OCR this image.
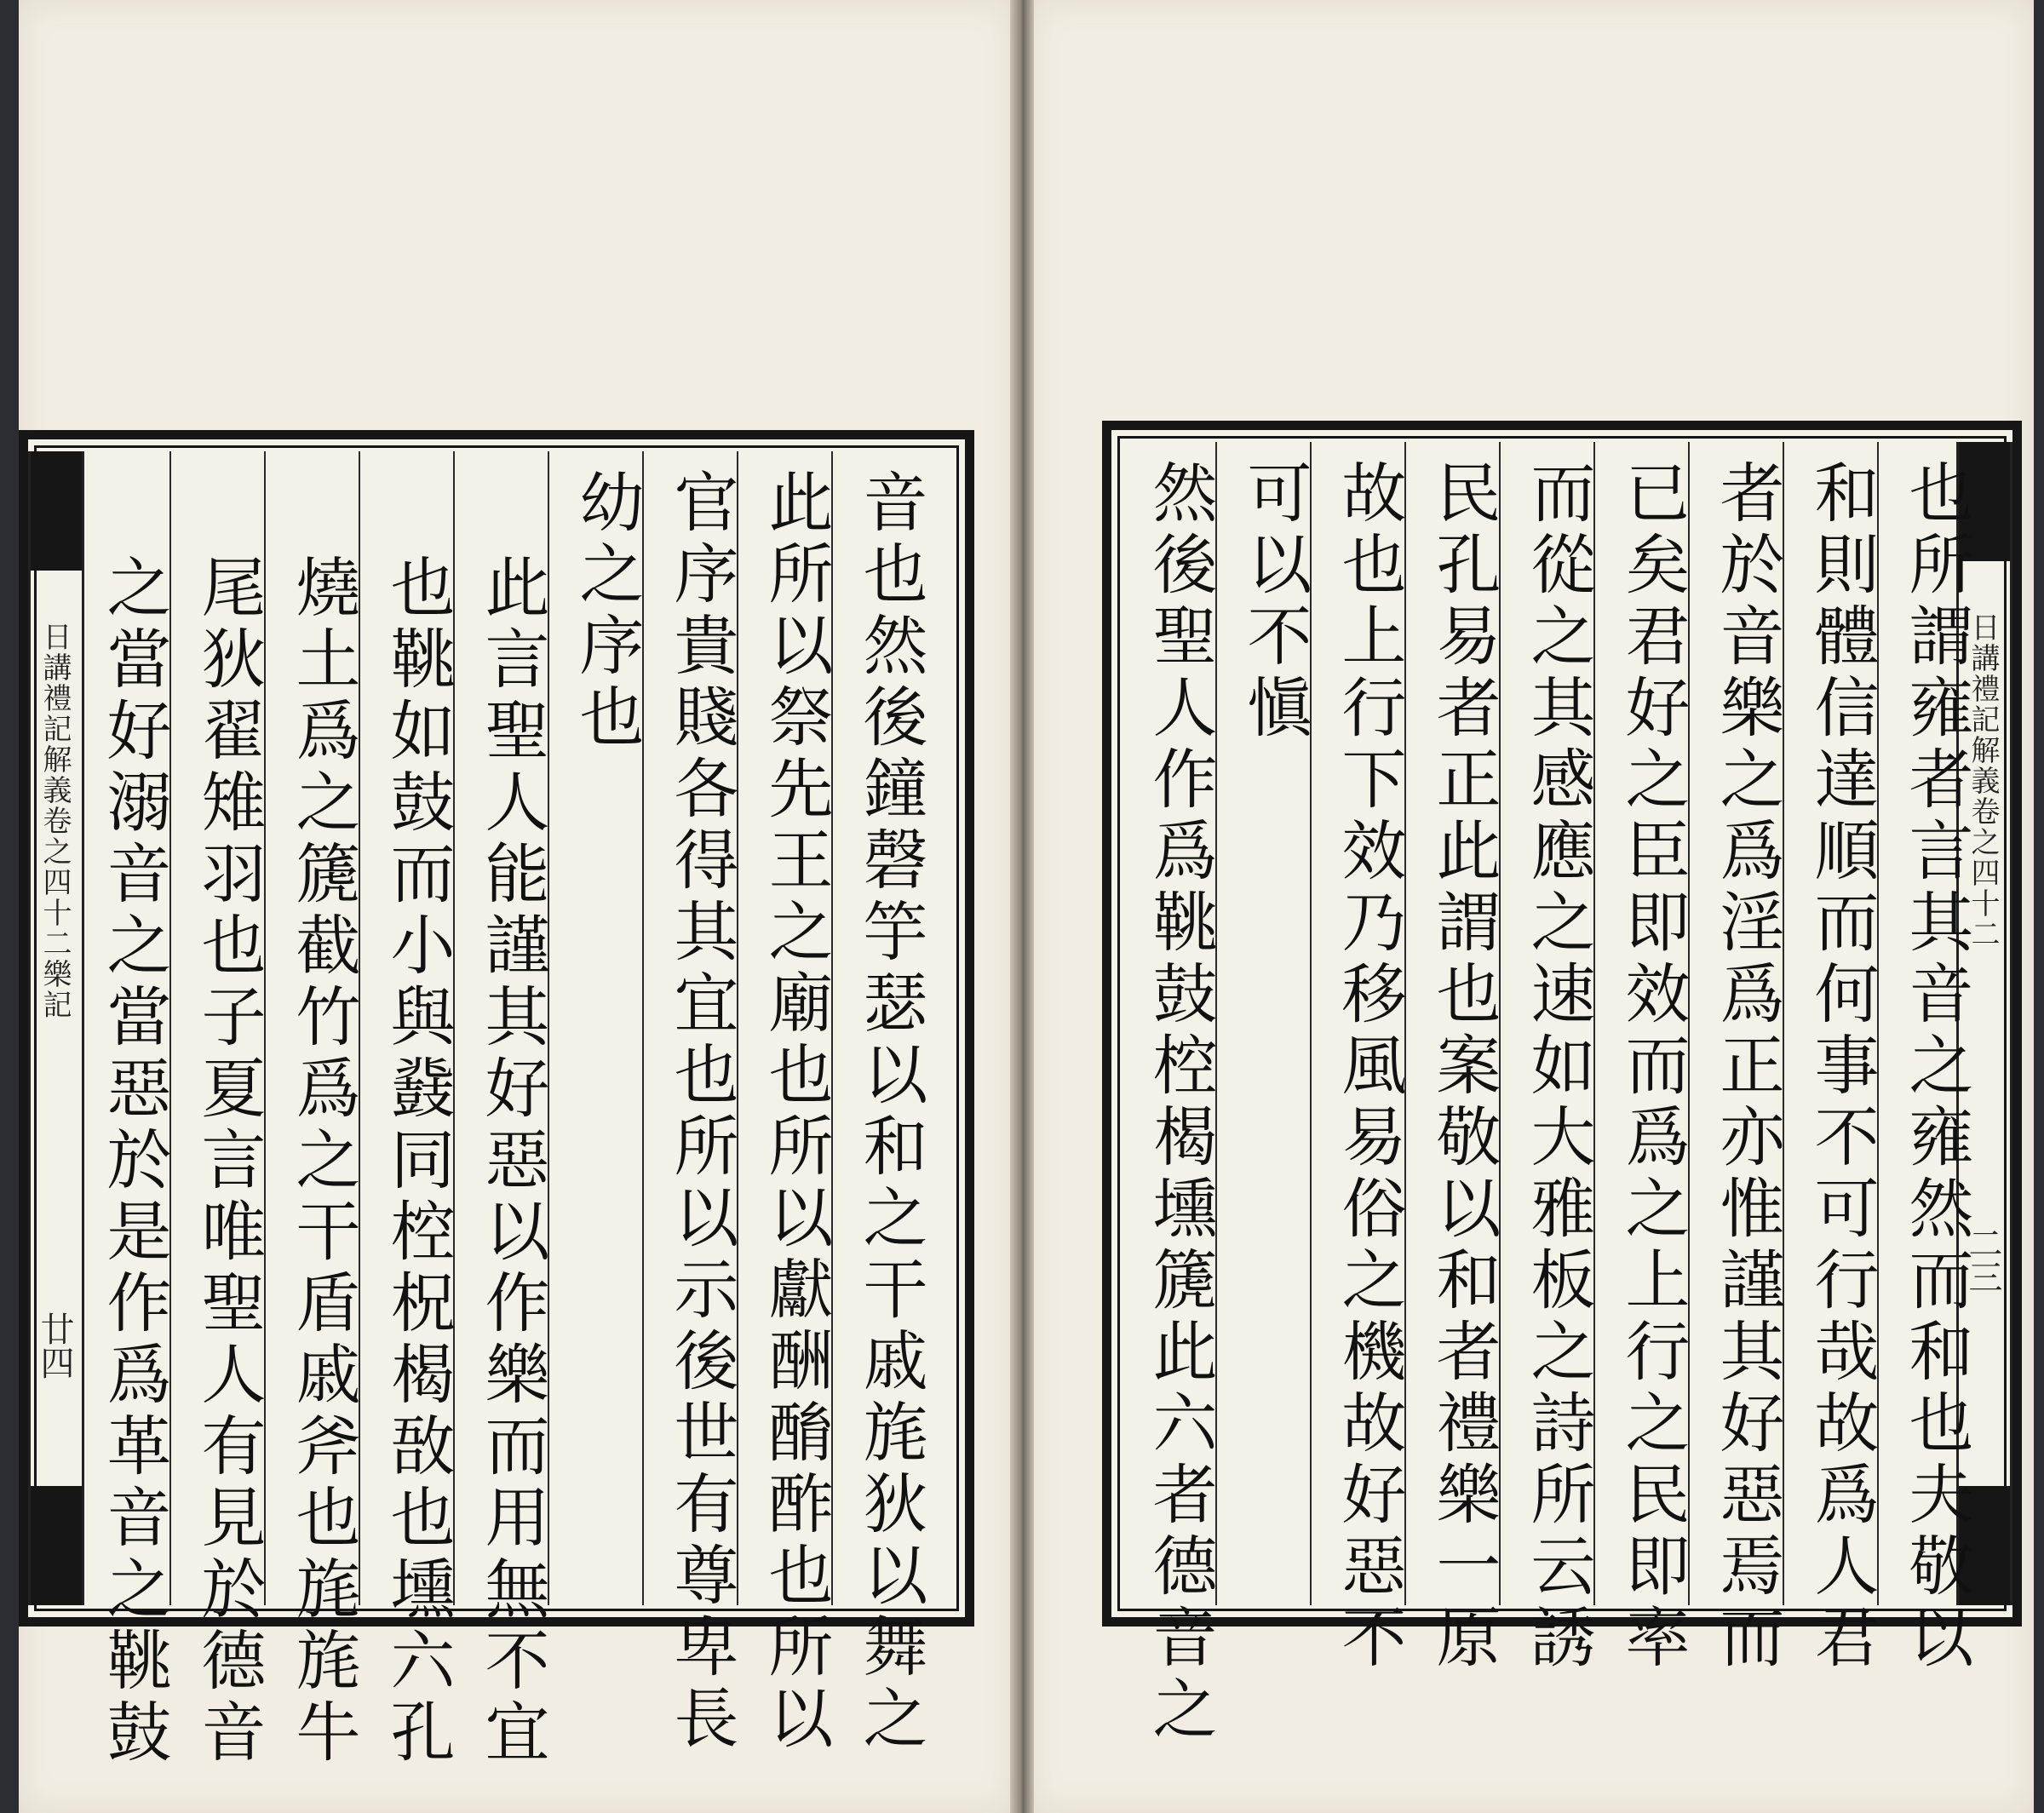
日講禮記解義卷之四十二樂記
廿四	音也然後鐘磬竽瑟以和之干戚旄狄以舞之
此所以祭先王之廟也所以獻酬酳酢也所以
官序貴賤各得其宜也所以示後世有尊卑長
幼之序也
此言聖人能謹其好惡以作樂而用無不宜
也鞉如鼓而小與鼗同椌柷楬敔也壎六孔
燒土爲之篪截竹爲之干盾戚斧也旄旄牛
尾狄翟雉羽也子夏言唯聖人有見於德音
之當好溺音之當惡於是作爲革音之鞉鼓	日講禮記解義卷之四十二
二三
也所謂雍者言其音之雍然而和也夫敬以
和則體信達順而何事不可行哉故爲人君
者於音樂之爲淫爲正亦惟謹其好惡焉而
已矣君好之臣即效而爲之上行之民即率
而從之其感應之速如大雅板之詩所云誘
民孔易者正此謂也案敬以和者禮樂一原
故也上行下效乃移風易俗之機故好惡不
可以不愼
然後聖人作爲鞉鼓椌楬壎篪此六者德音之
